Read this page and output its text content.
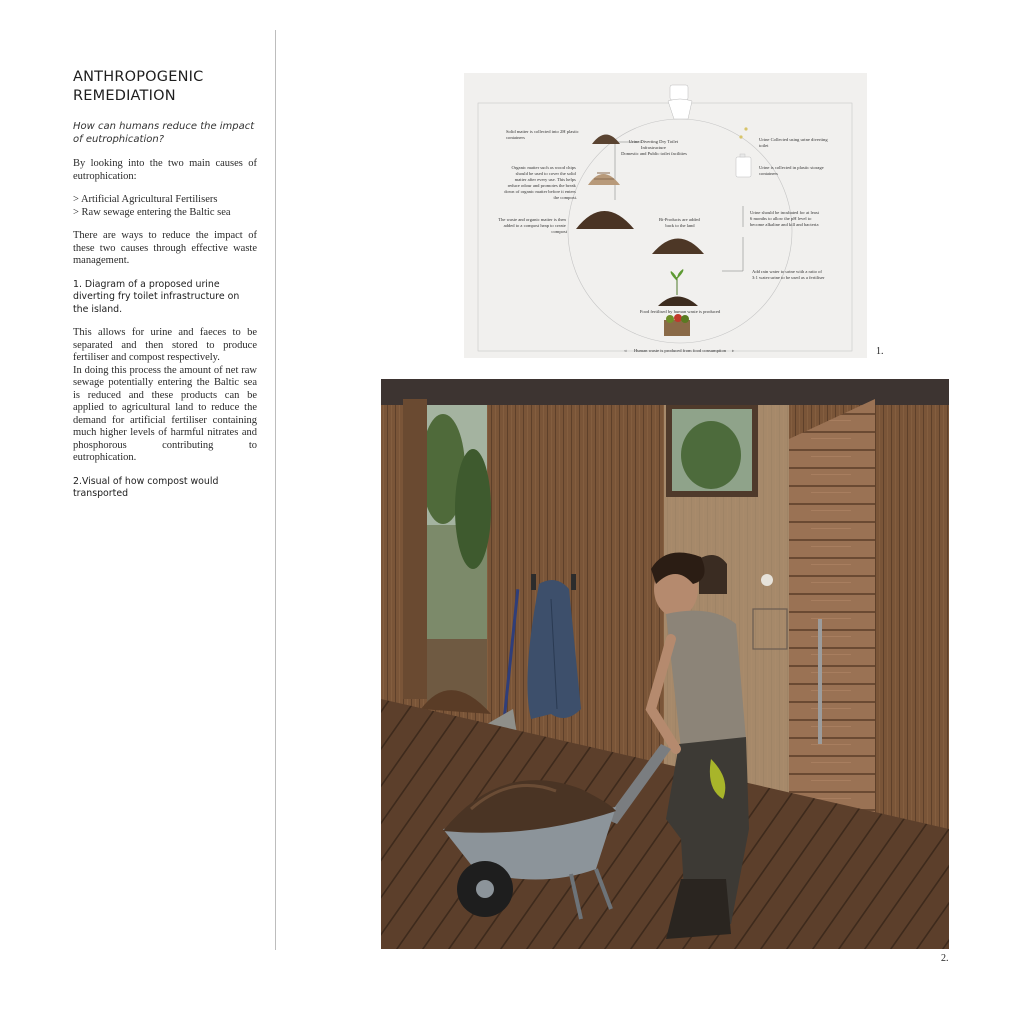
ANTHROPOGENIC
REMEDIATION
How can humans reduce the impact of eutrophication?
By looking into the two main causes of eutrophication:
> Artificial Agricultural Fertilisers
> Raw sewage entering the Baltic sea
There are ways to reduce the impact of these two causes through effective waste management.
1. Diagram of a proposed urine diverting fry toilet infrastructure on the island.
This allows for urine and faeces to be separated and then stored to produce fertiliser and compost respectively.
In doing this process the amount of net raw sewage potentially entering the Baltic sea is reduced and these products can be applied to agricultural land to reduce the demand for artificial fertiliser containing much higher levels of harmful nitrates and phosphorous contributing to eutrophication.
2.Visual of how compost would transported
Solid matter is collected into 2H plastic containers
Urine Diverting Dry Toilet Infrastructure Domestic and Public toilet facilities
Organic matter such as wood chips should be used to cover the solid matter after every use. This helps reduce odour and promotes the break down of organic matter before it enters the compost.
The waste and organic matter is then added to a compost heap to create compost
Bi-Products are added back to the land
Urine Collected using urine diverting toilet
Urine is collected in plastic storage containers
Urine should be incubated for at least 6 months to allow the pH level to become alkaline and kill and bacteria
Add rain water to urine with a ratio of 3:1 water:urine to be used as a fertiliser
Food fertilised by human waste is produced
◃ Human waste is produced from food consumption ▹	1.
2.
